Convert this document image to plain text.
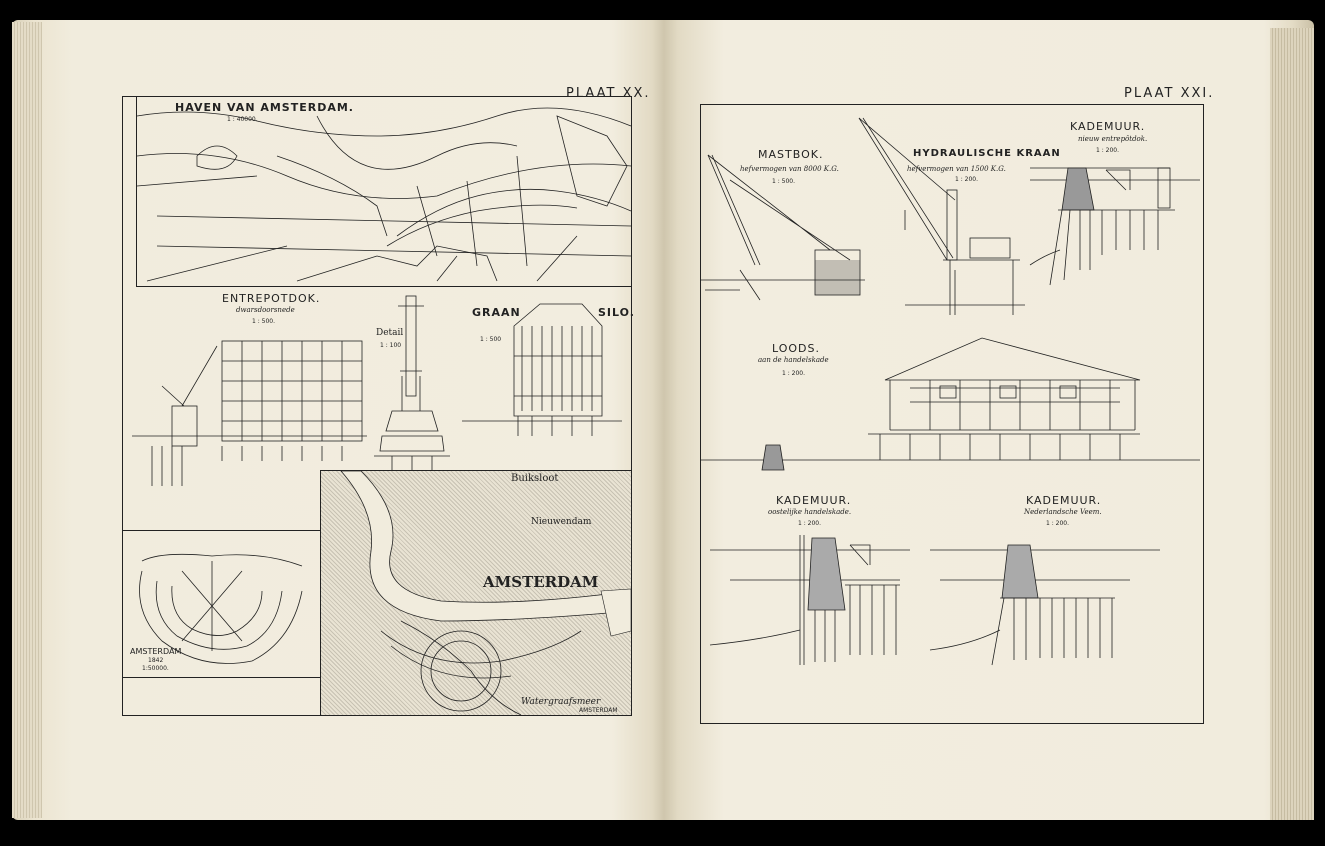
PLAAT XX.
HAVEN VAN AMSTERDAM.
1 : 40000.
ENTREPOTDOK.
dwarsdoorsnede
1 : 500.
Detail
1 : 100
GRAAN	SILO.
1 : 500
AMSTERDAM
1842
1:50000.
Buiksloot
Nieuwendam
AMSTERDAM
Watergraafsmeer
AMSTERDAM
PLAAT XXI.
MASTBOK.
hefvermogen van 8000 K.G.
1 : 500.
HYDRAULISCHE KRAAN
hefvermogen van 1500 K.G.
1 : 200.
KADEMUUR.
nieuw entrepôtdok.
1 : 200.
LOODS.
aan de handelskade
1 : 200.
KADEMUUR.
oostelijke handelskade.
1 : 200.
KADEMUUR.
Nederlandsche Veem.
1 : 200.
